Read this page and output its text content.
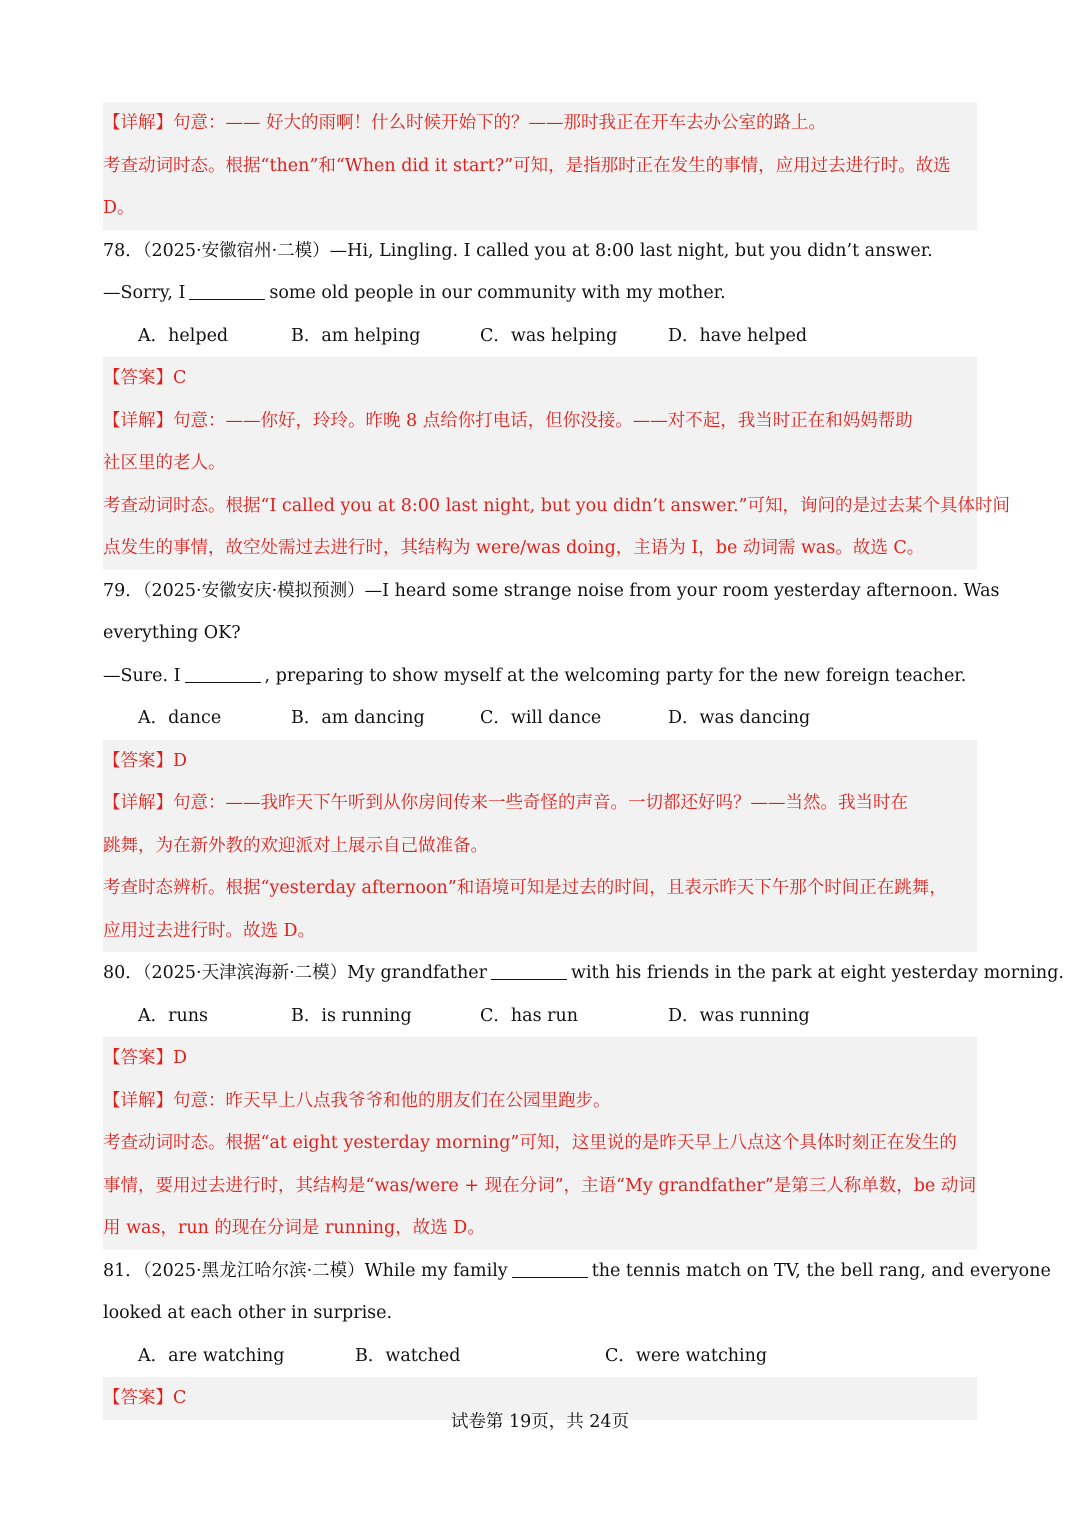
【详解】句意：—— 好大的雨啊！什么时候开始下的？——那时我正在开车去办公室的路上。
考查动词时态。根据“then”和“When did it start?”可知，是指那时正在发生的事情，应用过去进行时。故选
D。
78．（2025·安徽宿州·二模）—Hi, Lingling. I called you at 8:00 last night, but you didn’t answer.
—Sorry, I	some old people in our community with my mother.
A．helped	B．am helping	C．was helping	D．have helped
【答案】C
【详解】句意：——你好，玲玲。昨晚 8 点给你打电话，但你没接。——对不起，我当时正在和妈妈帮助
社区里的老人。
考查动词时态。根据“I called you at 8:00 last night, but you didn’t answer.”可知，询问的是过去某个具体时间
点发生的事情，故空处需过去进行时，其结构为 were/was doing，主语为 I，be 动词需 was。故选 C。
79．（2025·安徽安庆·模拟预测）—I heard some strange noise from your room yesterday afternoon. Was
everything OK?
—Sure. I	, preparing to show myself at the welcoming party for the new foreign teacher.
A．dance	B．am dancing	C．will dance	D．was dancing
【答案】D
【详解】句意：——我昨天下午听到从你房间传来一些奇怪的声音。一切都还好吗？——当然。我当时在
跳舞，为在新外教的欢迎派对上展示自己做准备。
考查时态辨析。根据“yesterday afternoon”和语境可知是过去的时间，且表示昨天下午那个时间正在跳舞，
应用过去进行时。故选 D。
80．（2025·天津滨海新·二模）My grandfather	with his friends in the park at eight yesterday morning.
A．runs	B．is running	C．has run	D．was running
【答案】D
【详解】句意：昨天早上八点我爷爷和他的朋友们在公园里跑步。
考查动词时态。根据“at eight yesterday morning”可知，这里说的是昨天早上八点这个具体时刻正在发生的
事情，要用过去进行时，其结构是“was/were + 现在分词”，主语“My grandfather”是第三人称单数，be 动词
用 was，run 的现在分词是 running，故选 D。
81．（2025·黑龙江哈尔滨·二模）While my family	the tennis match on TV, the bell rang, and everyone
looked at each other in surprise.
A．are watching	B．watched	C．were watching
【答案】C
试卷第 19页，共 24页
